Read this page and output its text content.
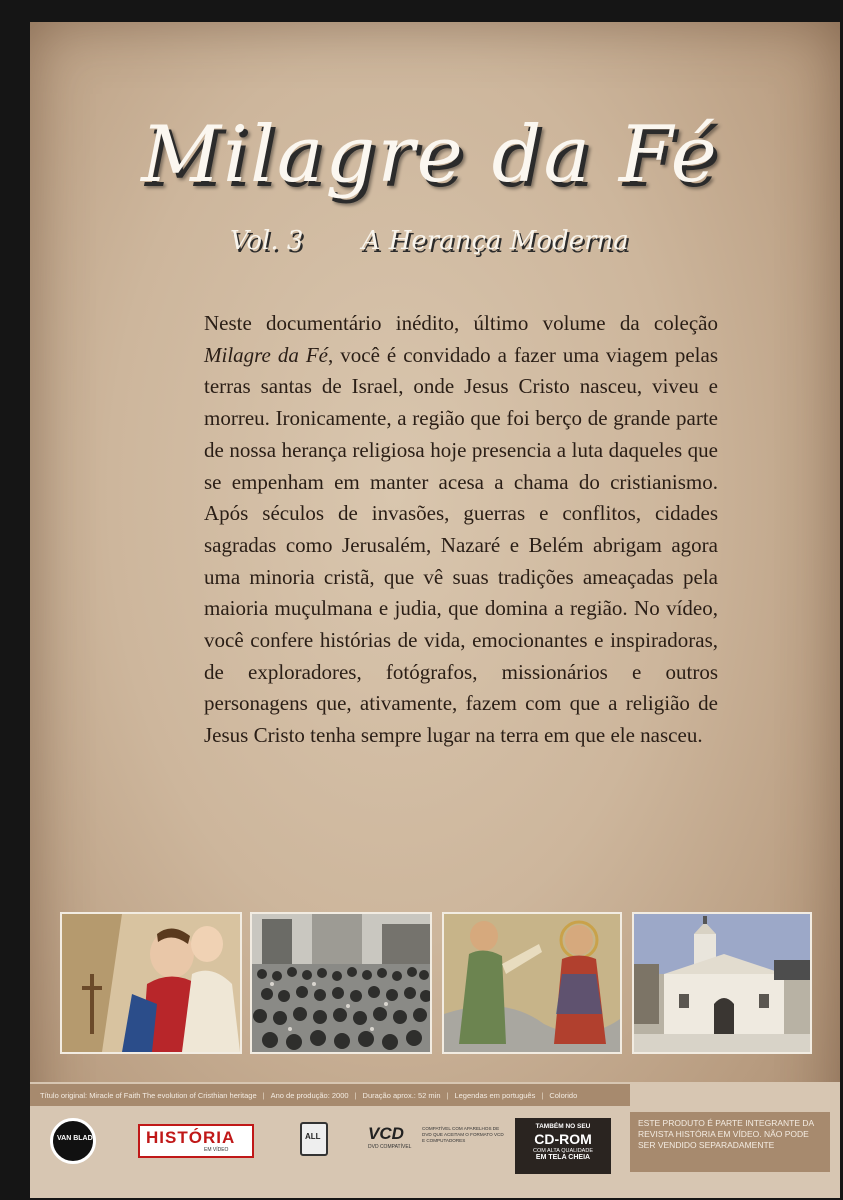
Milagre da Fé
Vol. 3 A Herança Moderna
Neste documentário inédito, último volume da coleção Milagre da Fé, você é convidado a fazer uma viagem pelas terras santas de Israel, onde Jesus Cristo nasceu, viveu e morreu. Ironicamente, a região que foi berço de grande parte de nossa herança religiosa hoje presencia a luta daqueles que se empenham em manter acesa a chama do cristianismo. Após séculos de invasões, guerras e conflitos, cidades sagradas como Jerusalém, Nazaré e Belém abrigam agora uma minoria cristã, que vê suas tradições ameaçadas pela maioria muçulmana e judia, que domina a região. No vídeo, você confere histórias de vida, emocionantes e inspiradoras, de exploradores, fotógrafos, missionários e outros personagens que, ativamente, fazem com que a religião de Jesus Cristo tenha sempre lugar na terra em que ele nasceu.
Título original: Miracle of Faith The evolution of Cristhian heritage | Ano de produção: 2000 | Duração aprox.: 52 min | Legendas em português | Colorido
VAN BLAD	HISTÓRIA
EM VÍDEO
ALL	VCD
DVD COMPATÍVEL
COMPATÍVEL COM APARELHOS DE DVD QUE ACEITAM O FORMATO VCD E COMPUTADORES
TAMBÉM NO SEU
CD-ROM
COM ALTA QUALIDADE
EM TELA CHEIA
ESTE PRODUTO É PARTE INTEGRANTE DA REVISTA HISTÓRIA EM VÍDEO. NÃO PODE SER VENDIDO SEPARADAMENTE
